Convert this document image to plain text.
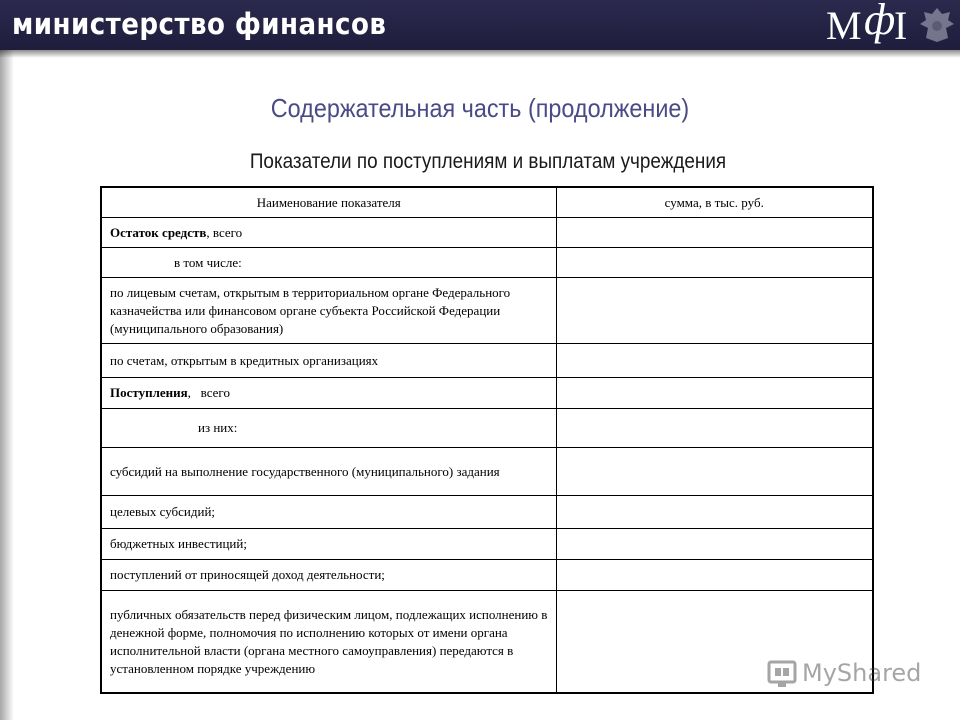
министерство финансов	М ф
I
Содержательная часть (продолжение)
Показатели по поступлениям и выплатам учреждения
Наименование показателя	сумма, в тыс. руб.
Остаток средств, всего	
в том числе:	
по лицевым счетам, открытым в территориальном органе Федерального казначейства или финансовом органе субъекта Российской Федерации (муниципального образования)	
по счетам, открытым в кредитных организациях	
Поступления,   всего	
из них:	
субсидий на выполнение государственного (муниципального) задания	
целевых субсидий;	
бюджетных инвестиций;	
поступлений от приносящей доход деятельности;	
публичных обязательств перед физическим лицом, подлежащих исполнению в денежной форме, полномочия по исполнению которых от имени органа исполнительной власти (органа местного самоуправления) передаются в установленном порядке учреждению		MyShared
